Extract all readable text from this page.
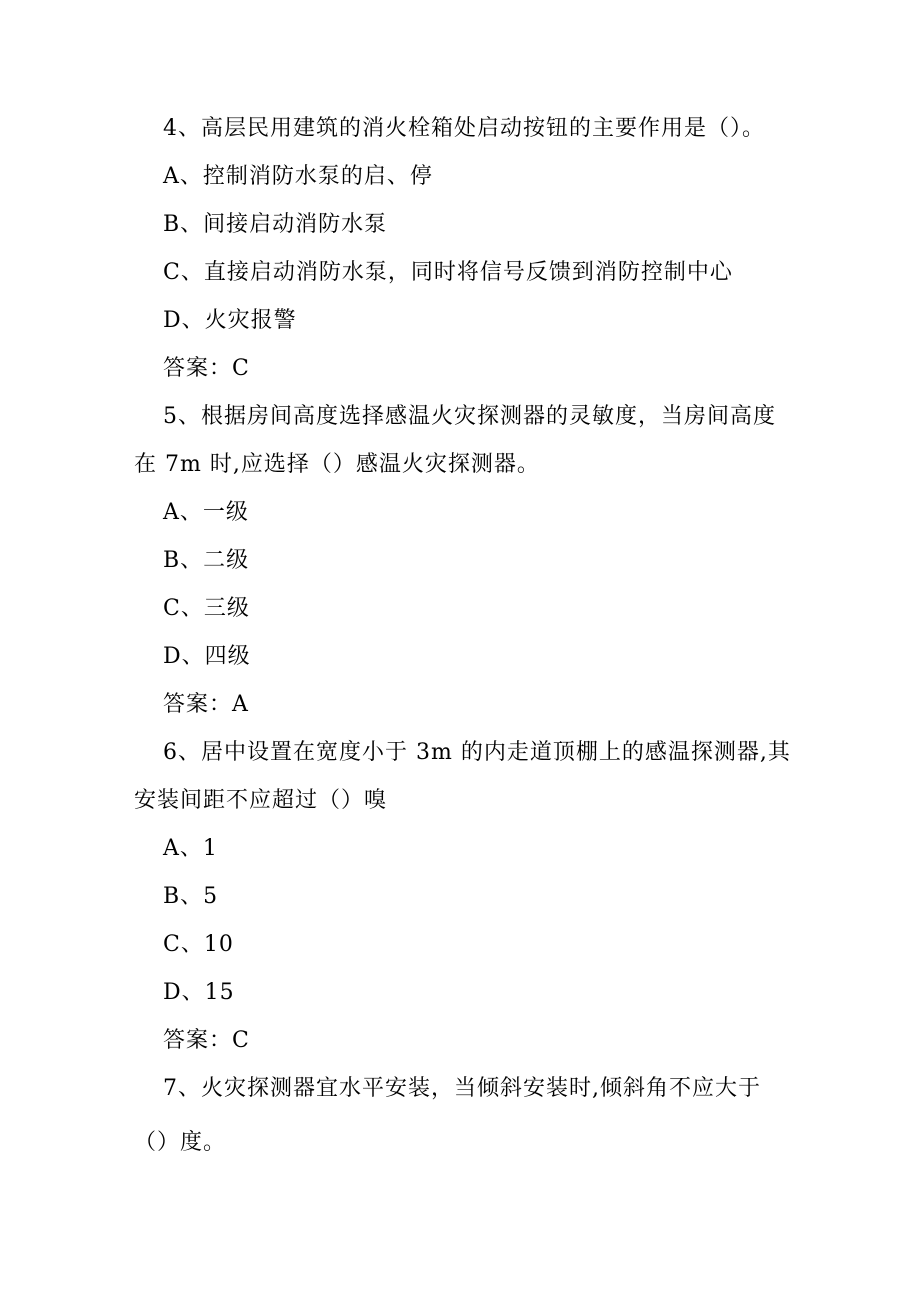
4、高层民用建筑的消火栓箱处启动按钮的主要作用是（）。

A、控制消防水泵的启、停

B、间接启动消防水泵

C、直接启动消防水泵，同时将信号反馈到消防控制中心

D、火灾报警

答案：C

5、根据房间高度选择感温火灾探测器的灵敏度，当房间高度

在 7m 时,应选择（）感温火灾探测器。

A、一级

B、二级

C、三级

D、四级

答案：A

6、居中设置在宽度小于 3m 的内走道顶棚上的感温探测器,其

安装间距不应超过（）嗅

A、1

B、5

C、10

D、15

答案：C

7、火灾探测器宜水平安装，当倾斜安装时,倾斜角不应大于

（）度。
